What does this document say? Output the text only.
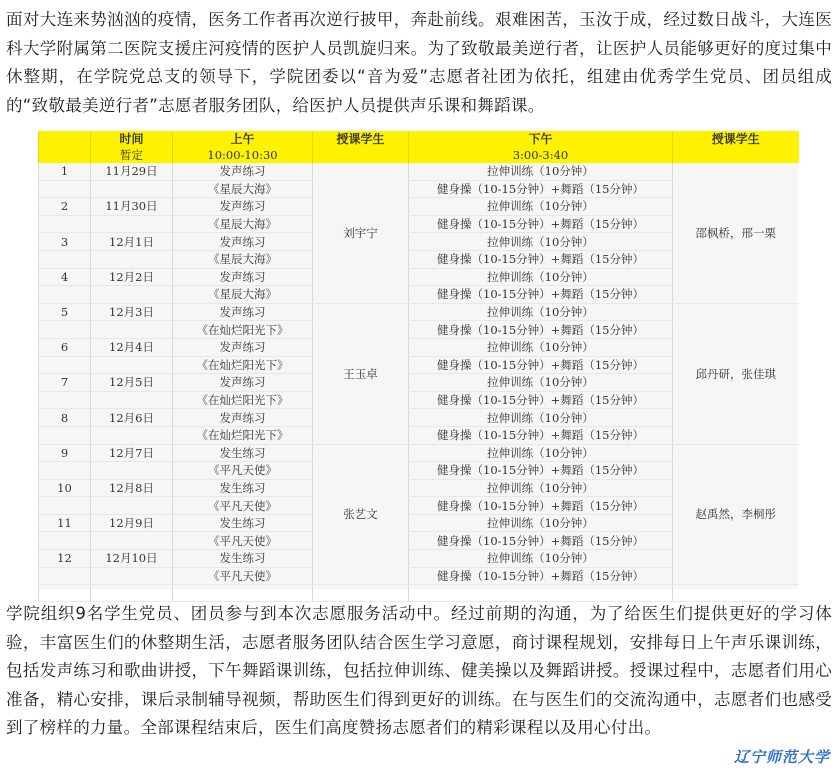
面对大连来势汹汹的疫情，医务工作者再次逆行披甲，奔赴前线。艰难困苦，玉汝于成，经过数日战斗，大连医科大学附属第二医院支援庄河疫情的医护人员凯旋归来。为了致敬最美逆行者，让医护人员能够更好的度过集中休整期，在学院党总支的领导下，学院团委以“音为爱”志愿者社团为依托，组建由优秀学生党员、团员组成的“致敬最美逆行者”志愿者服务团队，给医护人员提供声乐课和舞蹈课。

	时间	上午	授课学生	下午	授课学生
	暂定	10:00-10:30		3:00-3:40	
1	11月29日	发声练习	刘宇宁	拉伸训练（10分钟）	邵枫桥，邢一栗
		《星辰大海》		健身操（10-15分钟）+舞蹈（15分钟）	
2	11月30日	发声练习		拉伸训练（10分钟）	
		《星辰大海》		健身操（10-15分钟）+舞蹈（15分钟）	
3	12月1日	发声练习		拉伸训练（10分钟）	
		《星辰大海》		健身操（10-15分钟）+舞蹈（15分钟）	
4	12月2日	发声练习		拉伸训练（10分钟）	
		《星辰大海》		健身操（10-15分钟）+舞蹈（15分钟）	
5	12月3日	发声练习	王玉卓	拉伸训练（10分钟）	邱丹研，张佳琪
		《在灿烂阳光下》		健身操（10-15分钟）+舞蹈（15分钟）	
6	12月4日	发声练习		拉伸训练（10分钟）	
		《在灿烂阳光下》		健身操（10-15分钟）+舞蹈（15分钟）	
7	12月5日	发声练习		拉伸训练（10分钟）	
		《在灿烂阳光下》		健身操（10-15分钟）+舞蹈（15分钟）	
8	12月6日	发声练习		拉伸训练（10分钟）	
		《在灿烂阳光下》		健身操（10-15分钟）+舞蹈（15分钟）	
9	12月7日	发生练习	张艺文	拉伸训练（10分钟）	赵禹然，李桐彤
		《平凡天使》		健身操（10-15分钟）+舞蹈（15分钟）	
10	12月8日	发生练习		拉伸训练（10分钟）	
		《平凡天使》		健身操（10-15分钟）+舞蹈（15分钟）	
11	12月9日	发生练习		拉伸训练（10分钟）	
		《平凡天使》		健身操（10-15分钟）+舞蹈（15分钟）	
12	12月10日	发生练习		拉伸训练（10分钟）	
		《平凡天使》		健身操（10-15分钟）+舞蹈（15分钟）	

学院组织9名学生党员、团员参与到本次志愿服务活动中。经过前期的沟通，为了给医生们提供更好的学习体验，丰富医生们的休整期生活，志愿者服务团队结合医生学习意愿，商讨课程规划，安排每日上午声乐课训练，包括发声练习和歌曲讲授，下午舞蹈课训练，包括拉伸训练、健美操以及舞蹈讲授。授课过程中，志愿者们用心准备，精心安排，课后录制辅导视频，帮助医生们得到更好的训练。在与医生们的交流沟通中，志愿者们也感受到了榜样的力量。全部课程结束后，医生们高度赞扬志愿者们的精彩课程以及用心付出。

辽宁师范大学
